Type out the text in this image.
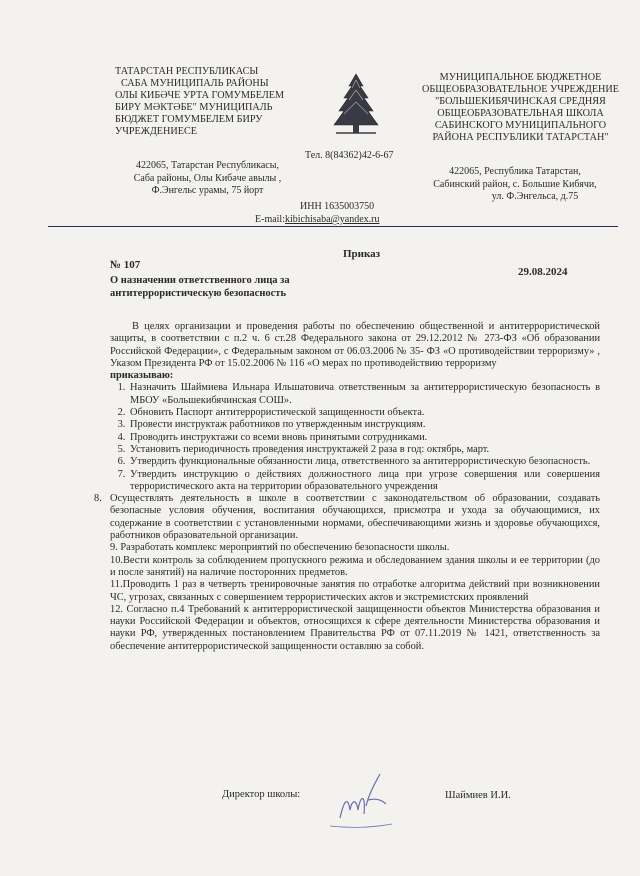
ТАТАРСТАН РЕСПУБЛИКАСЫ
САБА МУНИЦИПАЛЬ РАЙОНЫ
ОЛЫ КИБӘЧЕ УРТА ГОМУМБЕЛЕМ
БИРҮ МӘКТӘБЕ" МУНИЦИПАЛЬ
БЮДЖЕТ ГОМУМБЕЛЕМ БИРУ
УЧРЕЖДЕНИЕСЕ
МУНИЦИПАЛЬНОЕ БЮДЖЕТНОЕ
ОБЩЕОБРАЗОВАТЕЛЬНОЕ УЧРЕЖДЕНИЕ
"БОЛЬШЕКИБЯЧИНСКАЯ СРЕДНЯЯ
ОБЩЕОБРАЗОВАТЕЛЬНАЯ ШКОЛА
САБИНСКОГО МУНИЦИПАЛЬНОГО
РАЙОНА РЕСПУБЛИКИ ТАТАРСТАН"
Тел. 8(84362)42-6-67
422065, Татарстан Республикасы,
Саба районы, Олы Кибәче авылы ,
Ф.Энгельс урамы, 75 йорт
422065, Республика Татарстан,
Сабинский район, с. Большие Кибячи,
ул. Ф.Энгельса, д.75
ИНН 1635003750
E-mail:kibichisaba@yandex.ru
Приказ
№ 107
29.08.2024
О назначении ответственного лица за антитеррористическую безопасность

В целях организации и проведения работы по обеспечению общественной и антитеррористической защиты, в соответствии с п.2 ч. 6 ст.28 Федерального закона от 29.12.2012 № 273-ФЗ «Об образовании Российской Федерации», с Федеральным законом от 06.03.2006 № 35- ФЗ «О противодействии терроризму» , Указом Президента РФ от 15.02.2006 № 116 «О мерах по противодействию терроризму

приказываю:

1. Назначить Шаймиева Ильнара Ильшатовича ответственным за антитеррористическую безопасность в МБОУ «Большекибячинская СОШ».
2. Обновить Паспорт антитеррористической защищенности объекта.
3. Провести инструктаж работников по утвержденным инструкциям.
4. Проводить инструктажи со всеми вновь принятыми сотрудниками.
5. Установить периодичность проведения инструктажей 2 раза в год: октябрь, март.
6. Утвердить функциональные обязанности лица, ответственного за антитеррористическую безопасность.
7. Утвердить инструкцию о действиях должностного лица при угрозе совершения или совершения террористического акта на территории образовательного учреждения

8. Осуществлять деятельность в школе в соответствии с законодательством об образовании, создавать безопасные условия обучения, воспитания обучающихся, присмотра и ухода за обучающимися, их содержание в соответствии с установленными нормами, обеспечивающими жизнь и здоровье обучающихся, работников образовательной организации.

9. Разработать комплекс мероприятий по обеспечению безопасности школы.

10.Вести контроль за соблюдением пропускного режима и обследованием здания школы и ее территории (до и после занятий) на наличие посторонних предметов.

11.Проводить 1 раз в четверть тренировочные занятия по отработке алгоритма действий при возникновении ЧС, угрозах, связанных с совершением террористических актов и экстремистских проявлений

12. Согласно п.4 Требований к антитеррористической защищенности объектов Министерства образования и науки Российской Федерации и объектов, относящихся к сфере деятельности Министерства образования и науки РФ, утвержденных постановлением Правительства РФ от 07.11.2019 № 1421, ответственность за обеспечение антитеррористической защищенности оставляю за собой.

Директор школы:	Шаймиев И.И.
